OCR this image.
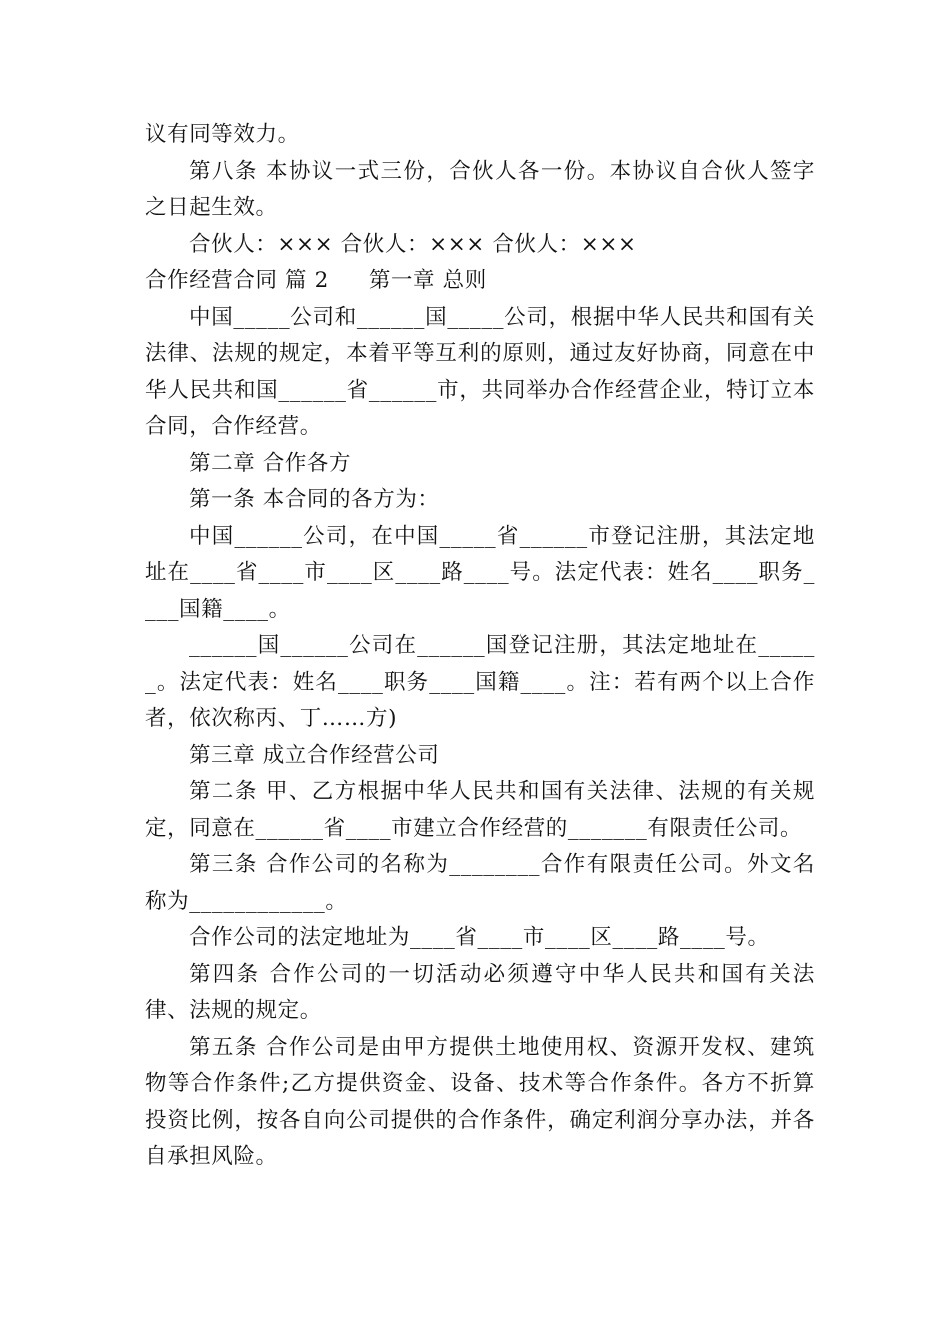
议有同等效力。

第八条 本协议一式三份，合伙人各一份。本协议自合伙人签字之日起生效。

合伙人：××× 合伙人：××× 合伙人：×××

合作经营合同 篇 2 第一章 总则

中国_____公司和______国_____公司，根据中华人民共和国有关法律、法规的规定，本着平等互利的原则，通过友好协商，同意在中华人民共和国______省______市，共同举办合作经营企业，特订立本合同，合作经营。

第二章 合作各方

第一条 本合同的各方为：

中国______公司，在中国_____省______市登记注册，其法定地址在____省____市____区____路____号。法定代表：姓名____职务____国籍____。

______国______公司在______国登记注册，其法定地址在______。法定代表：姓名____职务____国籍____。注：若有两个以上合作者，依次称丙、丁……方)

第三章 成立合作经营公司

第二条 甲、乙方根据中华人民共和国有关法律、法规的有关规定，同意在______省____市建立合作经营的_______有限责任公司。

第三条 合作公司的名称为________合作有限责任公司。外文名称为____________。

合作公司的法定地址为____省____市____区____路____号。

第四条 合作公司的一切活动必须遵守中华人民共和国有关法律、法规的规定。

第五条 合作公司是由甲方提供土地使用权、资源开发权、建筑物等合作条件;乙方提供资金、设备、技术等合作条件。各方不折算投资比例，按各自向公司提供的合作条件，确定利润分享办法，并各自承担风险。
